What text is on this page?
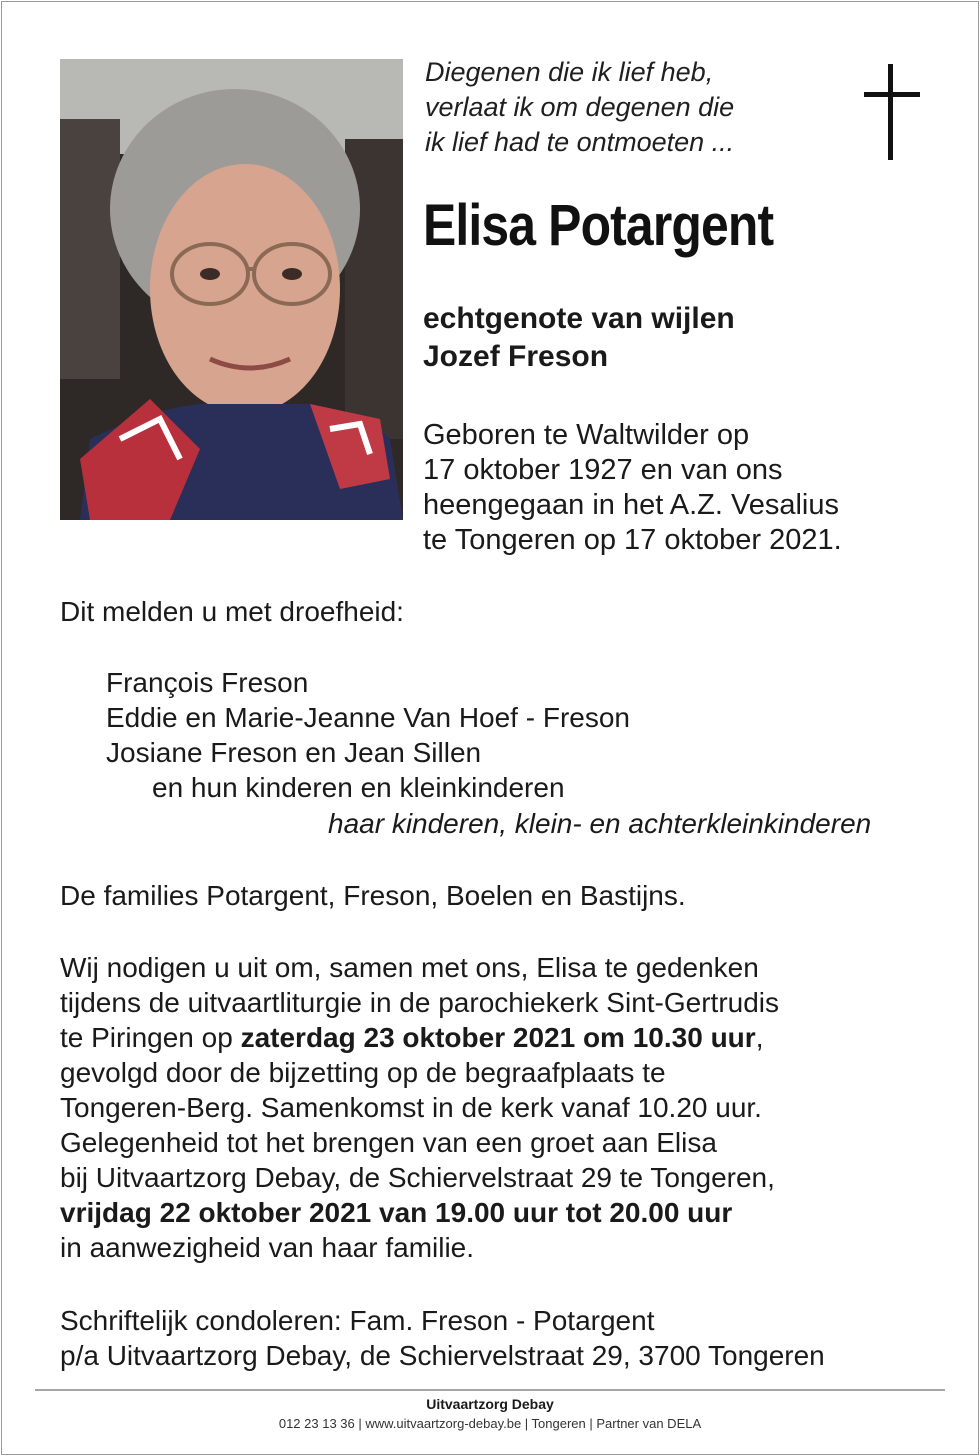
Diegenen die ik lief heb,
verlaat ik om degenen die
ik lief had te ontmoeten ...
Elisa Potargent
echtgenote van wijlen
Jozef Freson
Geboren te Waltwilder op
17 oktober 1927 en van ons
heengegaan in het A.Z. Vesalius
te Tongeren op 17 oktober 2021.
Dit melden u met droefheid:
François Freson
Eddie en Marie-Jeanne Van Hoef - Freson
Josiane Freson en Jean Sillen
en hun kinderen en kleinkinderen
haar kinderen, klein- en achterkleinkinderen
De families Potargent, Freson, Boelen en Bastijns.
Wij nodigen u uit om, samen met ons, Elisa te gedenken
tijdens de uitvaartliturgie in de parochiekerk Sint-Gertrudis
te Piringen op zaterdag 23 oktober 2021 om 10.30 uur,
gevolgd door de bijzetting op de begraafplaats te
Tongeren-Berg. Samenkomst in de kerk vanaf 10.20 uur.
Gelegenheid tot het brengen van een groet aan Elisa
bij Uitvaartzorg Debay, de Schiervelstraat 29 te Tongeren,
vrijdag 22 oktober 2021 van 19.00 uur tot 20.00 uur
in aanwezigheid van haar familie.
Schriftelijk condoleren: Fam. Freson - Potargent
p/a Uitvaartzorg Debay, de Schiervelstraat 29, 3700 Tongeren
Uitvaartzorg Debay
012 23 13 36 | www.uitvaartzorg-debay.be | Tongeren | Partner van DELA
